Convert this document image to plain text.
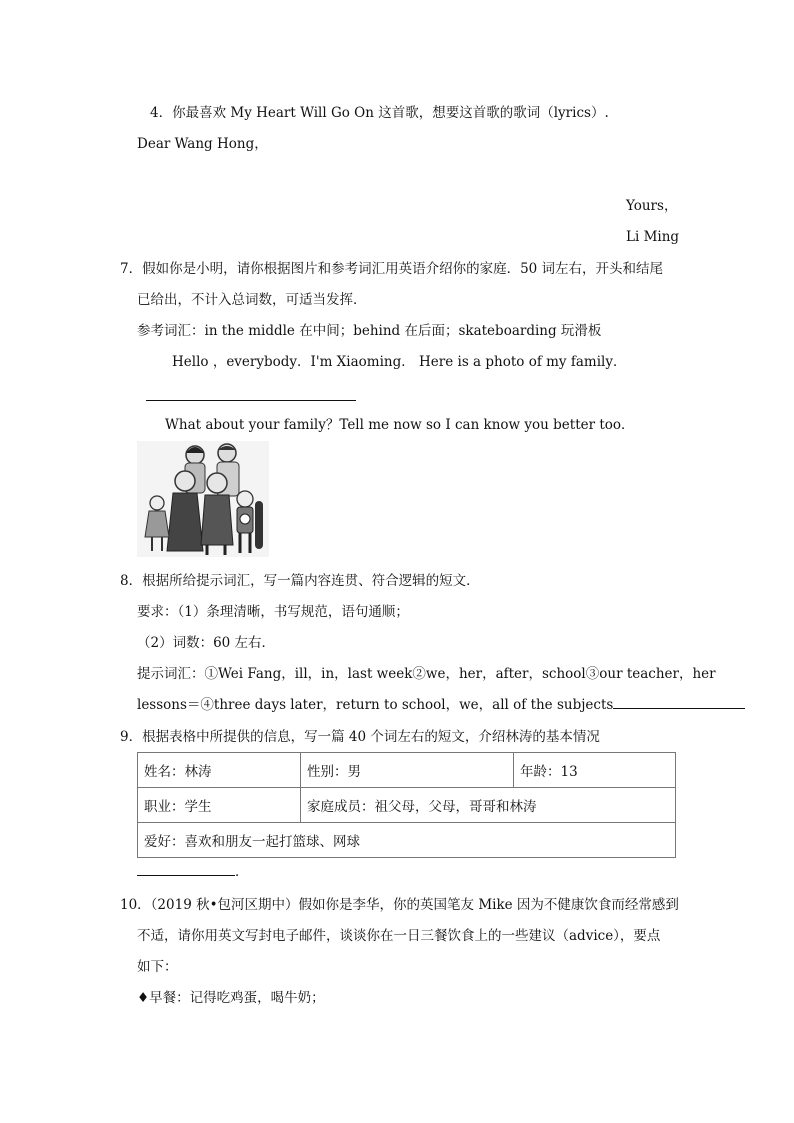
4．你最喜欢 My Heart Will Go On 这首歌，想要这首歌的歌词（lyrics）.
Dear Wang Hong，
Yours，
Li Ming
7．假如你是小明，请你根据图片和参考词汇用英语介绍你的家庭．50 词左右，开头和结尾
已给出，不计入总词数，可适当发挥．
参考词汇：in the middle 在中间；behind 在后面；skateboarding 玩滑板
Hello ，everybody．I'm Xiaoming． Here is a photo of my family．
What about your family？Tell me now so I can know you better too．
8．根据所给提示词汇，写一篇内容连贯、符合逻辑的短文．
要求：（1）条理清晰，书写规范，语句通顺；
（2）词数：60 左右．
提示词汇：①Wei Fang，ill，in，last week②we，her，after，school③our teacher，her
lessons＝④three days later，return to school，we，all of the subjects
9．根据表格中所提供的信息，写一篇 40 个词左右的短文，介绍林涛的基本情况
姓名：林涛	性别：男	年龄：13
职业：学生	家庭成员：祖父母，父母，哥哥和林涛	
爱好：喜欢和朋友一起打篮球、网球		
．
10．（2019 秋•包河区期中）假如你是李华，你的英国笔友 Mike 因为不健康饮食而经常感到
不适，请你用英文写封电子邮件，谈谈你在一日三餐饮食上的一些建议（advice），要点
如下：
♦早餐：记得吃鸡蛋，喝牛奶；
